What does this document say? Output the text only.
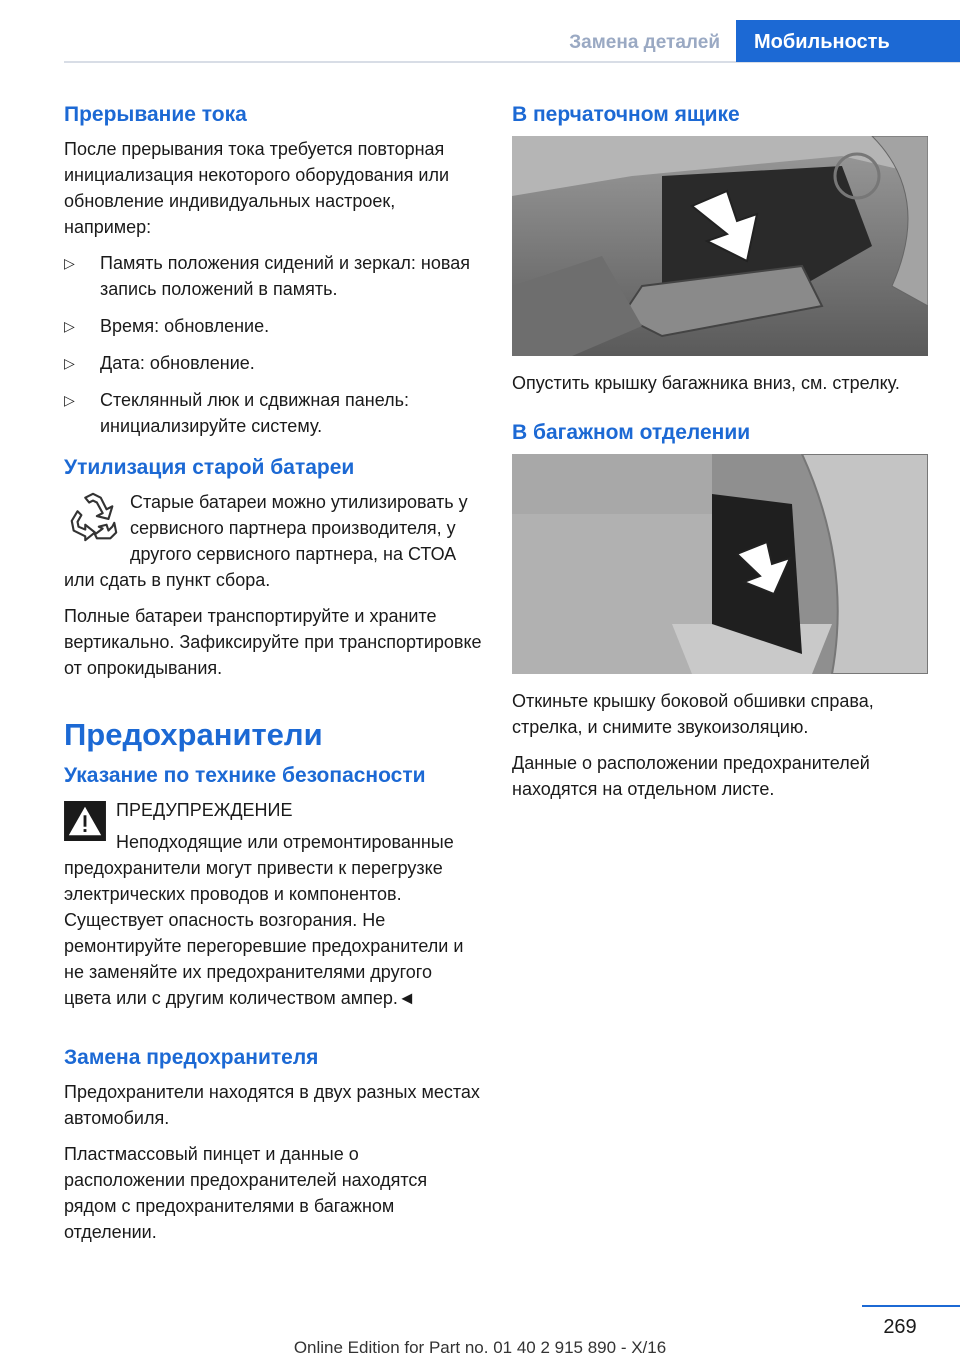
Замена деталей	Мобильность
Прерывание тока

После прерывания тока требуется повторная инициализация некоторого оборудования или обновление индивидуальных настроек, например:

▷ Память положения сидений и зеркал: новая запись положений в память.
▷ Время: обновление.
▷ Дата: обновление.
▷ Стеклянный люк и сдвижная панель: инициализируйте систему.
Утилизация старой батареи

Старые батареи можно утилизировать у сервисного партнера производителя, у другого сервисного партнера, на СТОА или сдать в пункт сбора.

Полные батареи транспортируйте и храните вертикально. Зафиксируйте при транспортировке от опрокидывания.

Предохранители
Указание по технике безопасности
ПРЕДУПРЕЖДЕНИЕ

Неподходящие или отремонтированные предохранители могут привести к перегрузке электрических проводов и компонентов. Существует опасность возгорания. Не ремонтируйте перегоревшие предохранители и не заменяйте их предохранителями другого цвета или с другим количеством ампер.◄

Замена предохранителя

Предохранители находятся в двух разных местах автомобиля.

Пластмассовый пинцет и данные о расположении предохранителей находятся рядом с предохранителями в багажном отделении.

В перчаточном ящике

Опустить крышку багажника вниз, см. стрелку.

В багажном отделении

Откиньте крышку боковой обшивки справа, стрелка, и снимите звукоизоляцию.

Данные о расположении предохранителей находятся на отдельном листе.

269
Online Edition for Part no. 01 40 2 915 890 - X/16
